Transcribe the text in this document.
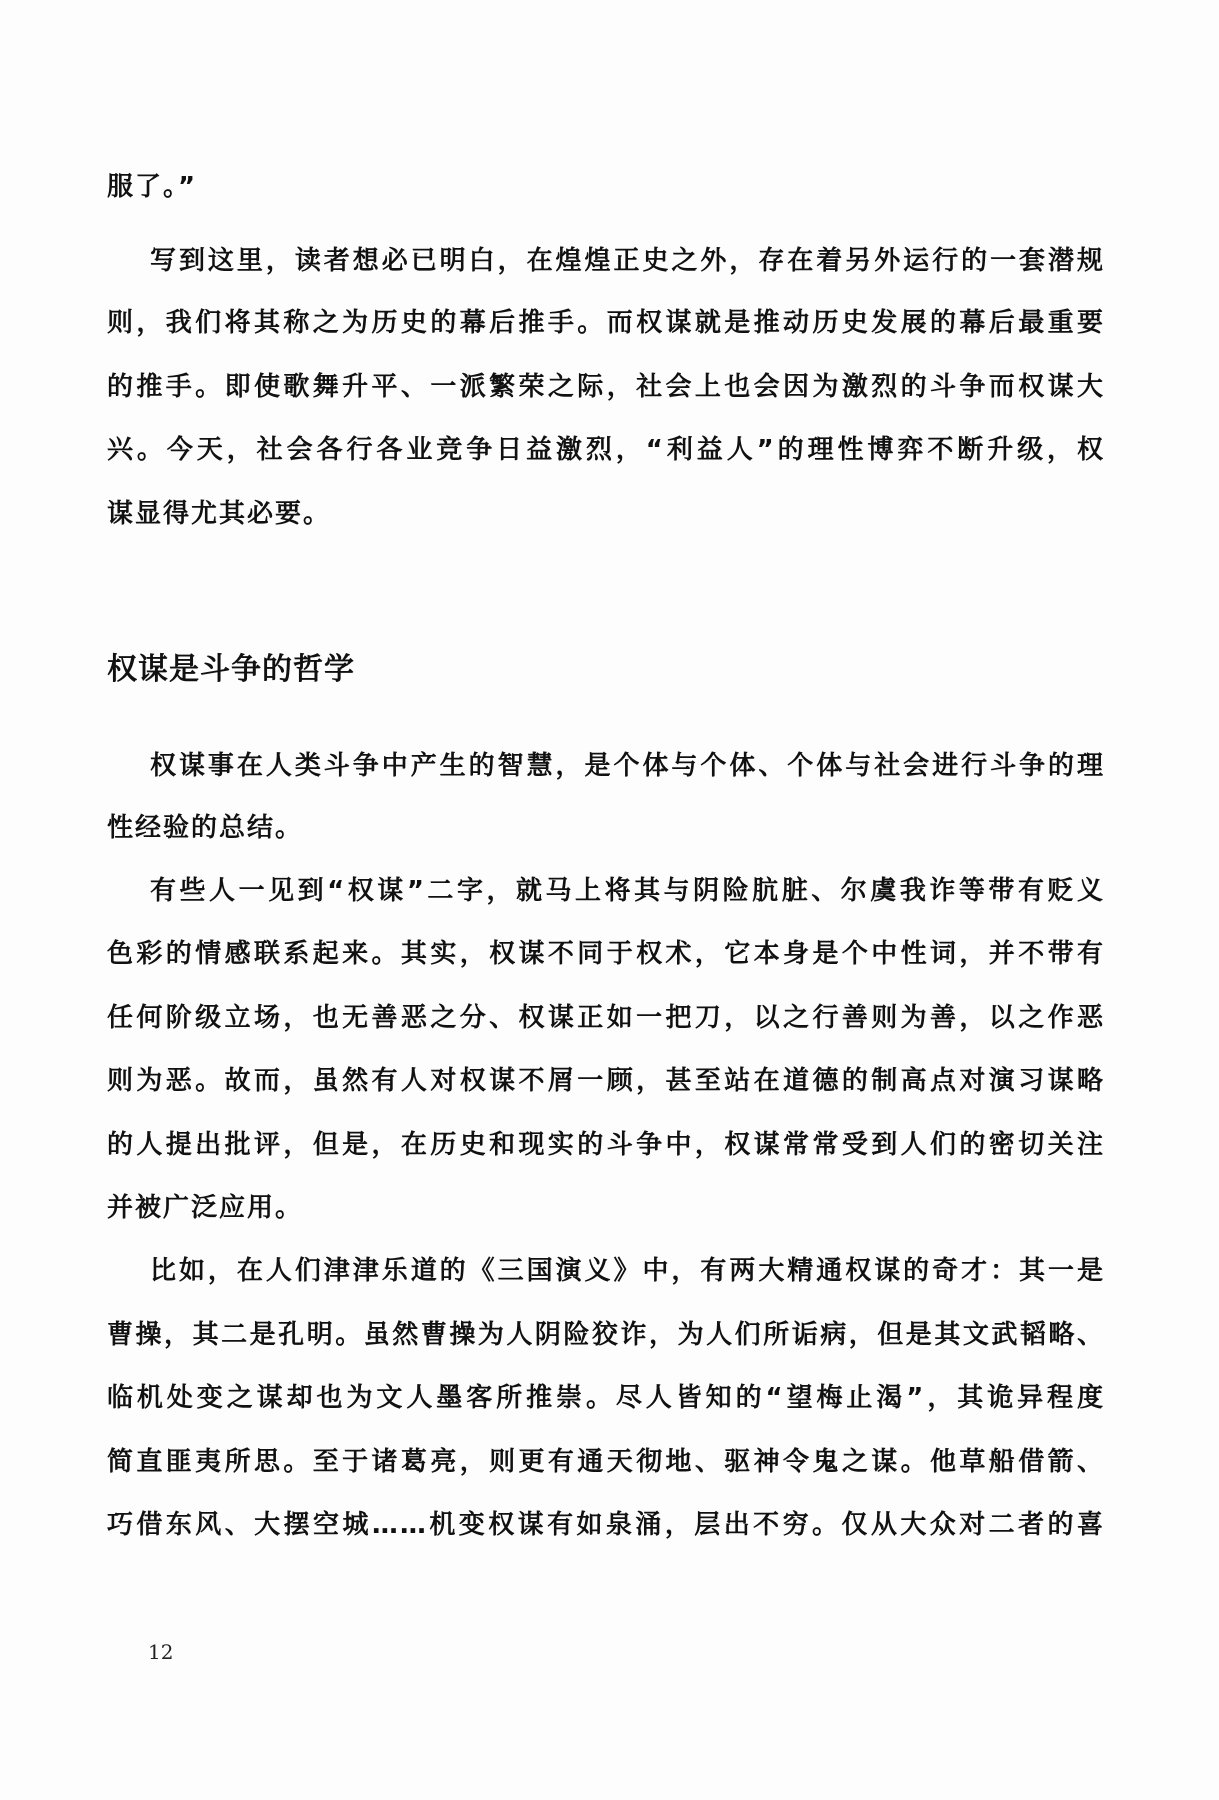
服了。”
写到这里，读者想必已明白，在煌煌正史之外，存在着另外运行的一套潜规
则，我们将其称之为历史的幕后推手。而权谋就是推动历史发展的幕后最重要
的推手。即使歌舞升平、一派繁荣之际，社会上也会因为激烈的斗争而权谋大
兴。今天，社会各行各业竞争日益激烈，“利益人”的理性博弈不断升级，权
谋显得尤其必要。
权谋是斗争的哲学
权谋事在人类斗争中产生的智慧，是个体与个体、个体与社会进行斗争的理
性经验的总结。
有些人一见到“权谋”二字，就马上将其与阴险肮脏、尔虞我诈等带有贬义
色彩的情感联系起来。其实，权谋不同于权术，它本身是个中性词，并不带有
任何阶级立场，也无善恶之分、权谋正如一把刀，以之行善则为善，以之作恶
则为恶。故而，虽然有人对权谋不屑一顾，甚至站在道德的制高点对演习谋略
的人提出批评，但是，在历史和现实的斗争中，权谋常常受到人们的密切关注
并被广泛应用。
比如，在人们津津乐道的《三国演义》中，有两大精通权谋的奇才：其一是
曹操，其二是孔明。虽然曹操为人阴险狡诈，为人们所诟病，但是其文武韬略、
临机处变之谋却也为文人墨客所推崇。尽人皆知的“望梅止渴”，其诡异程度
简直匪夷所思。至于诸葛亮，则更有通天彻地、驱神令鬼之谋。他草船借箭、
巧借东风、大摆空城……机变权谋有如泉涌，层出不穷。仅从大众对二者的喜
12
